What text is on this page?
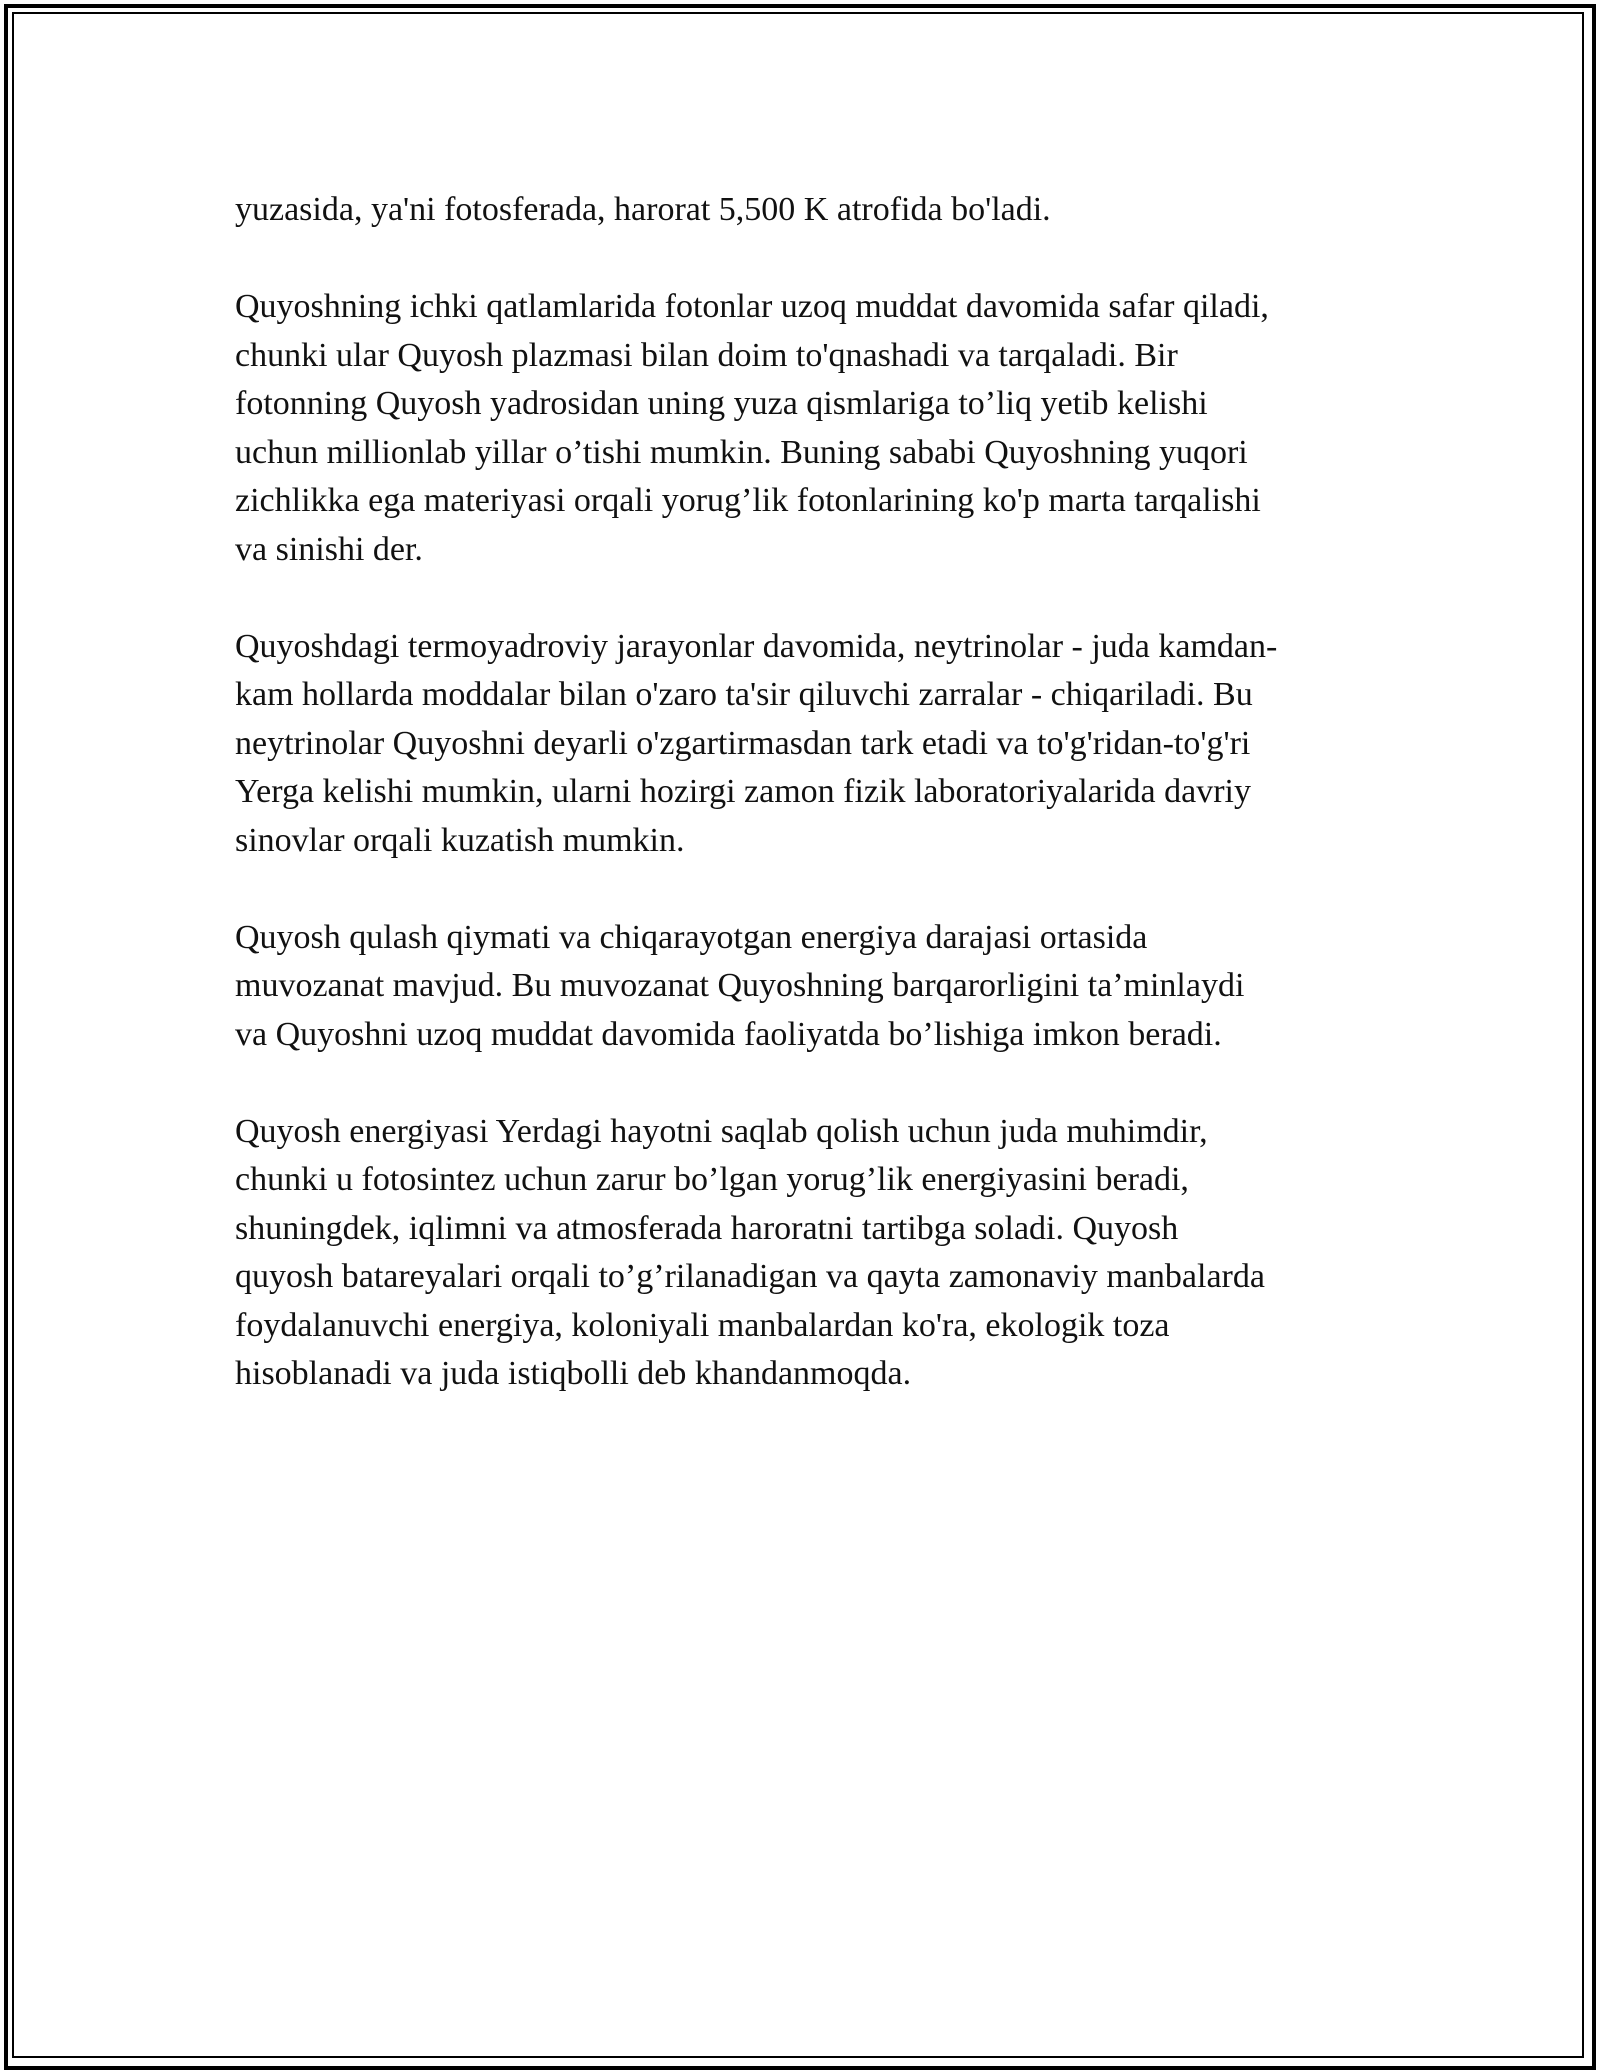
yuzasida, ya'ni fotosferada, harorat 5,500 K atrofida bo'ladi.
Quyoshning ichki qatlamlarida fotonlar uzoq muddat davomida safar qiladi,
chunki ular Quyosh plazmasi bilan doim to'qnashadi va tarqaladi. Bir
fotonning Quyosh yadrosidan uning yuza qismlariga to’liq yetib kelishi
uchun millionlab yillar o’tishi mumkin. Buning sababi Quyoshning yuqori
zichlikka ega materiyasi orqali yorug’lik fotonlarining ko'p marta tarqalishi
va sinishi der.
Quyoshdagi termoyadroviy jarayonlar davomida, neytrinolar - juda kamdan-
kam hollarda moddalar bilan o'zaro ta'sir qiluvchi zarralar - chiqariladi. Bu
neytrinolar Quyoshni deyarli o'zgartirmasdan tark etadi va to'g'ridan-to'g'ri
Yerga kelishi mumkin, ularni hozirgi zamon fizik laboratoriyalarida davriy
sinovlar orqali kuzatish mumkin.
Quyosh qulash qiymati va chiqarayotgan energiya darajasi ortasida
muvozanat mavjud. Bu muvozanat Quyoshning barqarorligini ta’minlaydi
va Quyoshni uzoq muddat davomida faoliyatda bo’lishiga imkon beradi.
Quyosh energiyasi Yerdagi hayotni saqlab qolish uchun juda muhimdir,
chunki u fotosintez uchun zarur bo’lgan yorug’lik energiyasini beradi,
shuningdek, iqlimni va atmosferada haroratni tartibga soladi. Quyosh
quyosh batareyalari orqali to’g’rilanadigan va qayta zamonaviy manbalarda
foydalanuvchi energiya, koloniyali manbalardan ko'ra, ekologik toza
hisoblanadi va juda istiqbolli deb khandanmoqda.
